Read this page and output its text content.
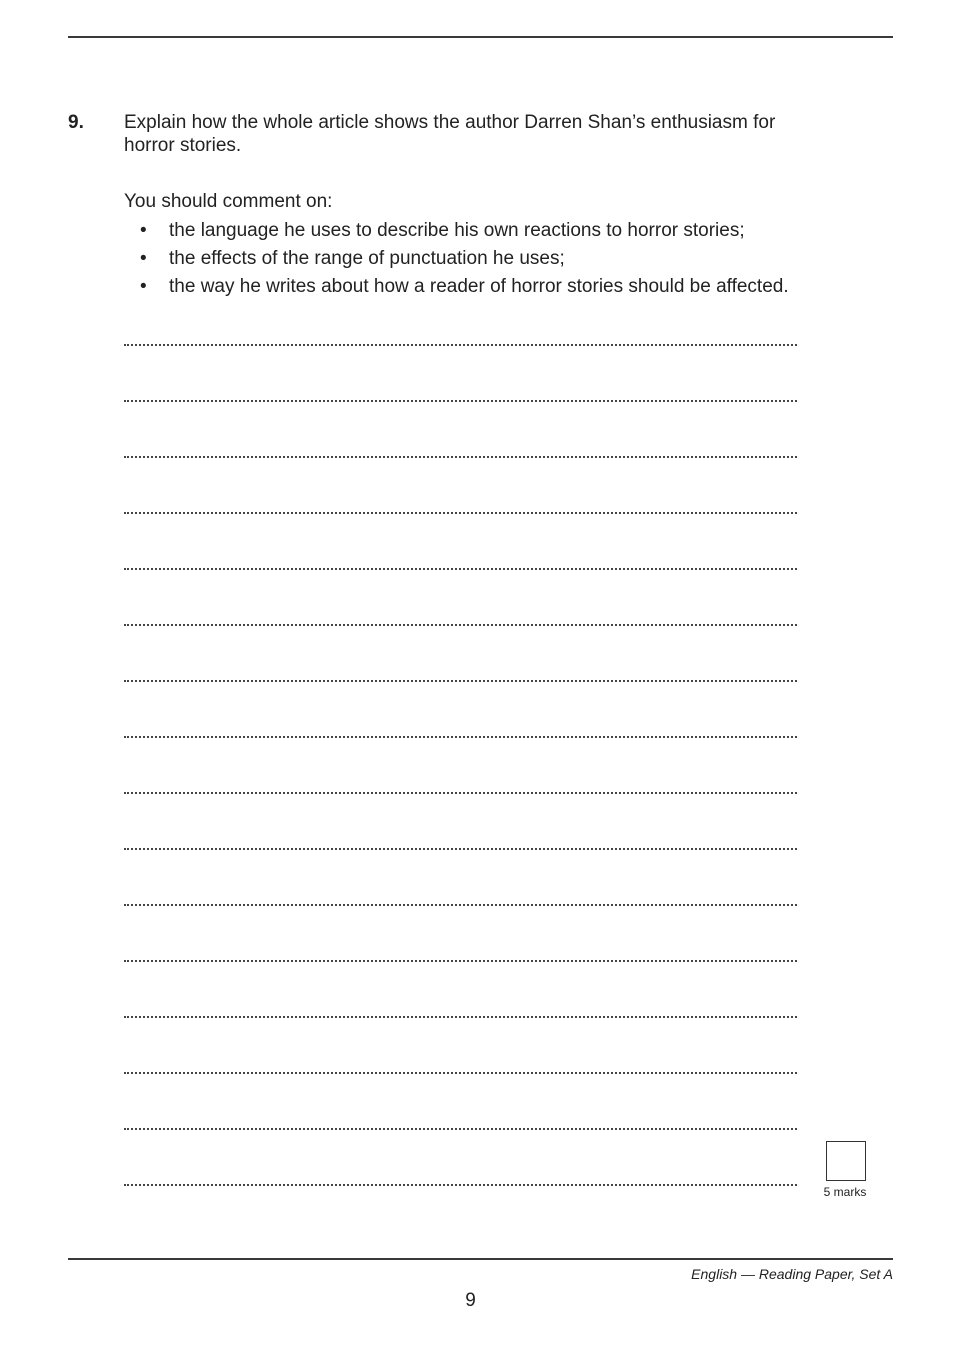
9. Explain how the whole article shows the author Darren Shan’s enthusiasm for horror stories.
You should comment on:
• the language he uses to describe his own reactions to horror stories;
• the effects of the range of punctuation he uses;
• the way he writes about how a reader of horror stories should be affected.
5 marks
English — Reading Paper, Set A
9
